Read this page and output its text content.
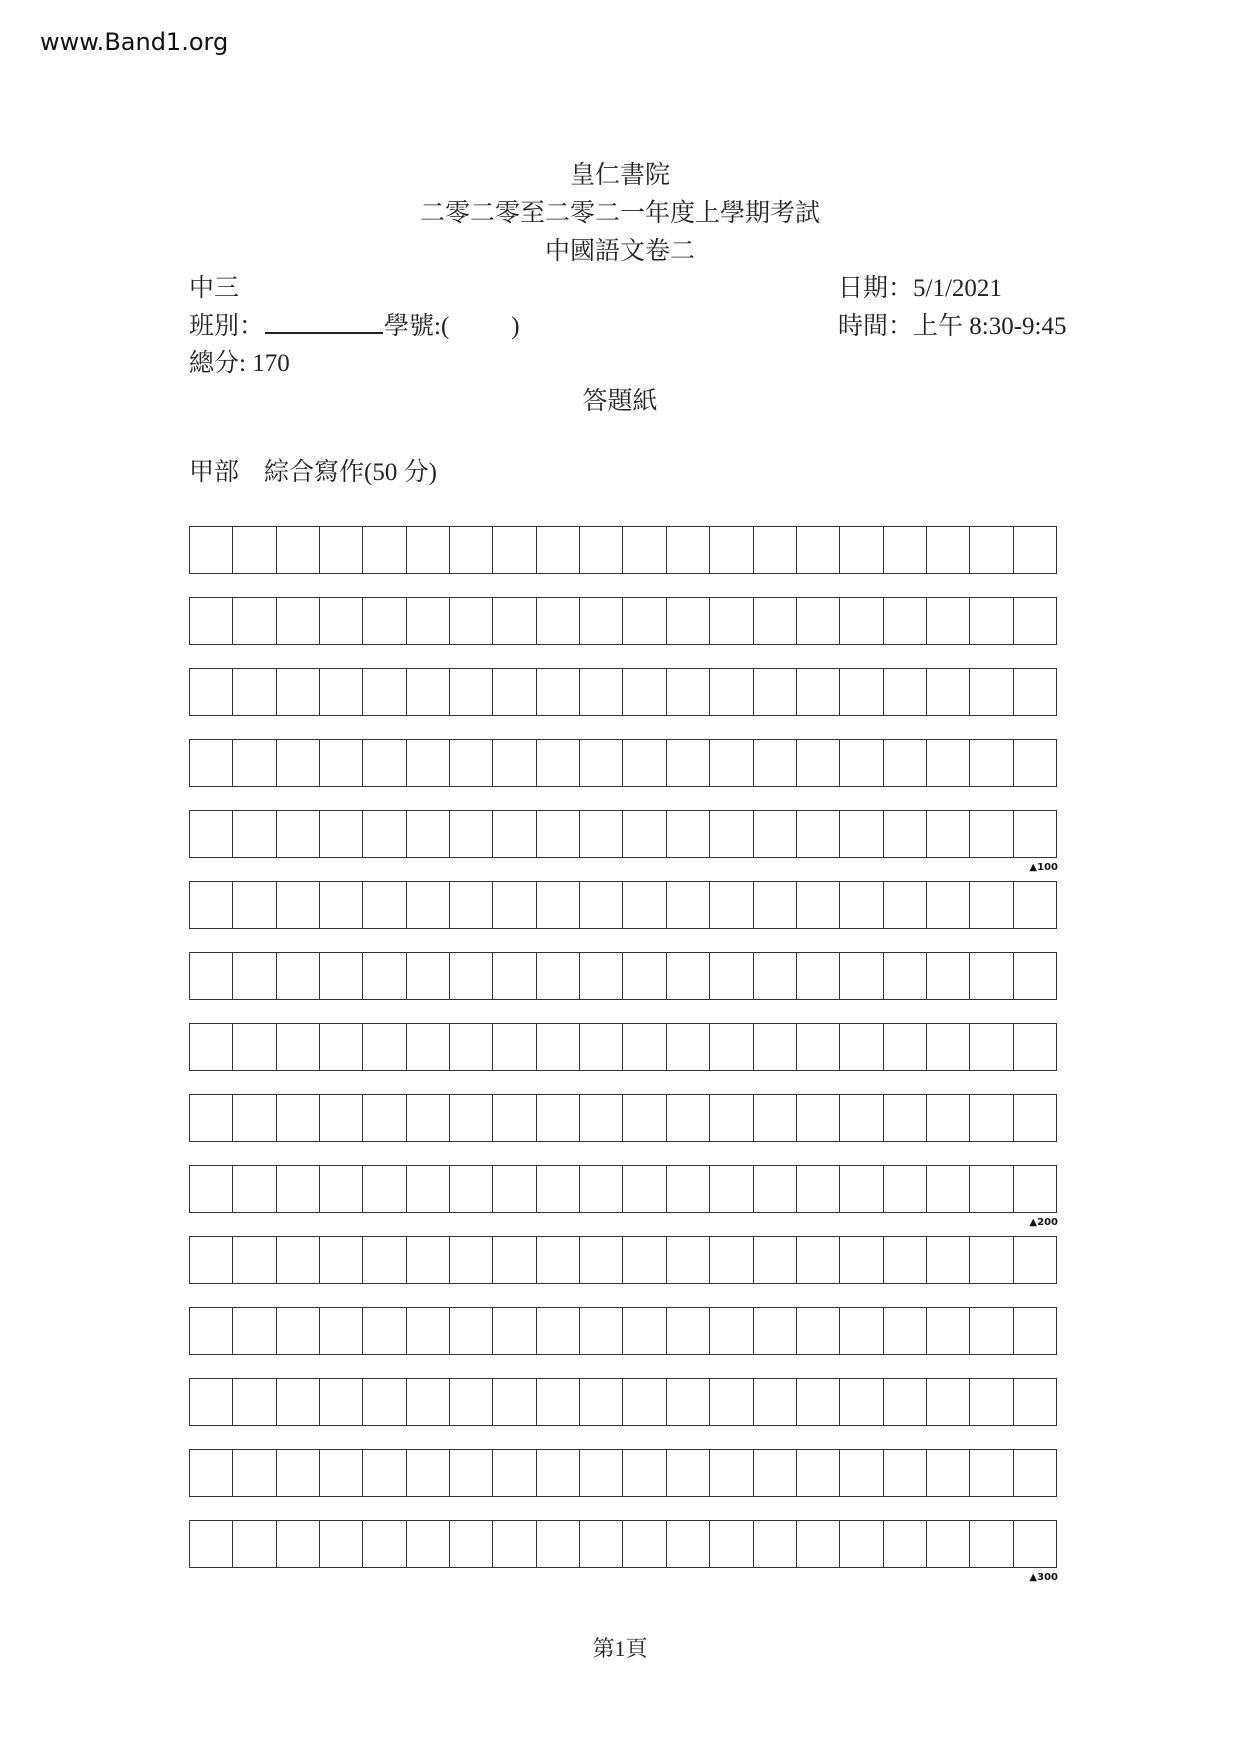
www.Band1.org
皇仁書院
二零二零至二零二一年度上學期考試
中國語文卷二
中三	日期：5/1/2021
班別：	學號:( )	時間：上午 8:30-9:45
總分: 170
答題紙
甲部　綜合寫作(50 分)
▲100
▲200
▲300
第1頁
